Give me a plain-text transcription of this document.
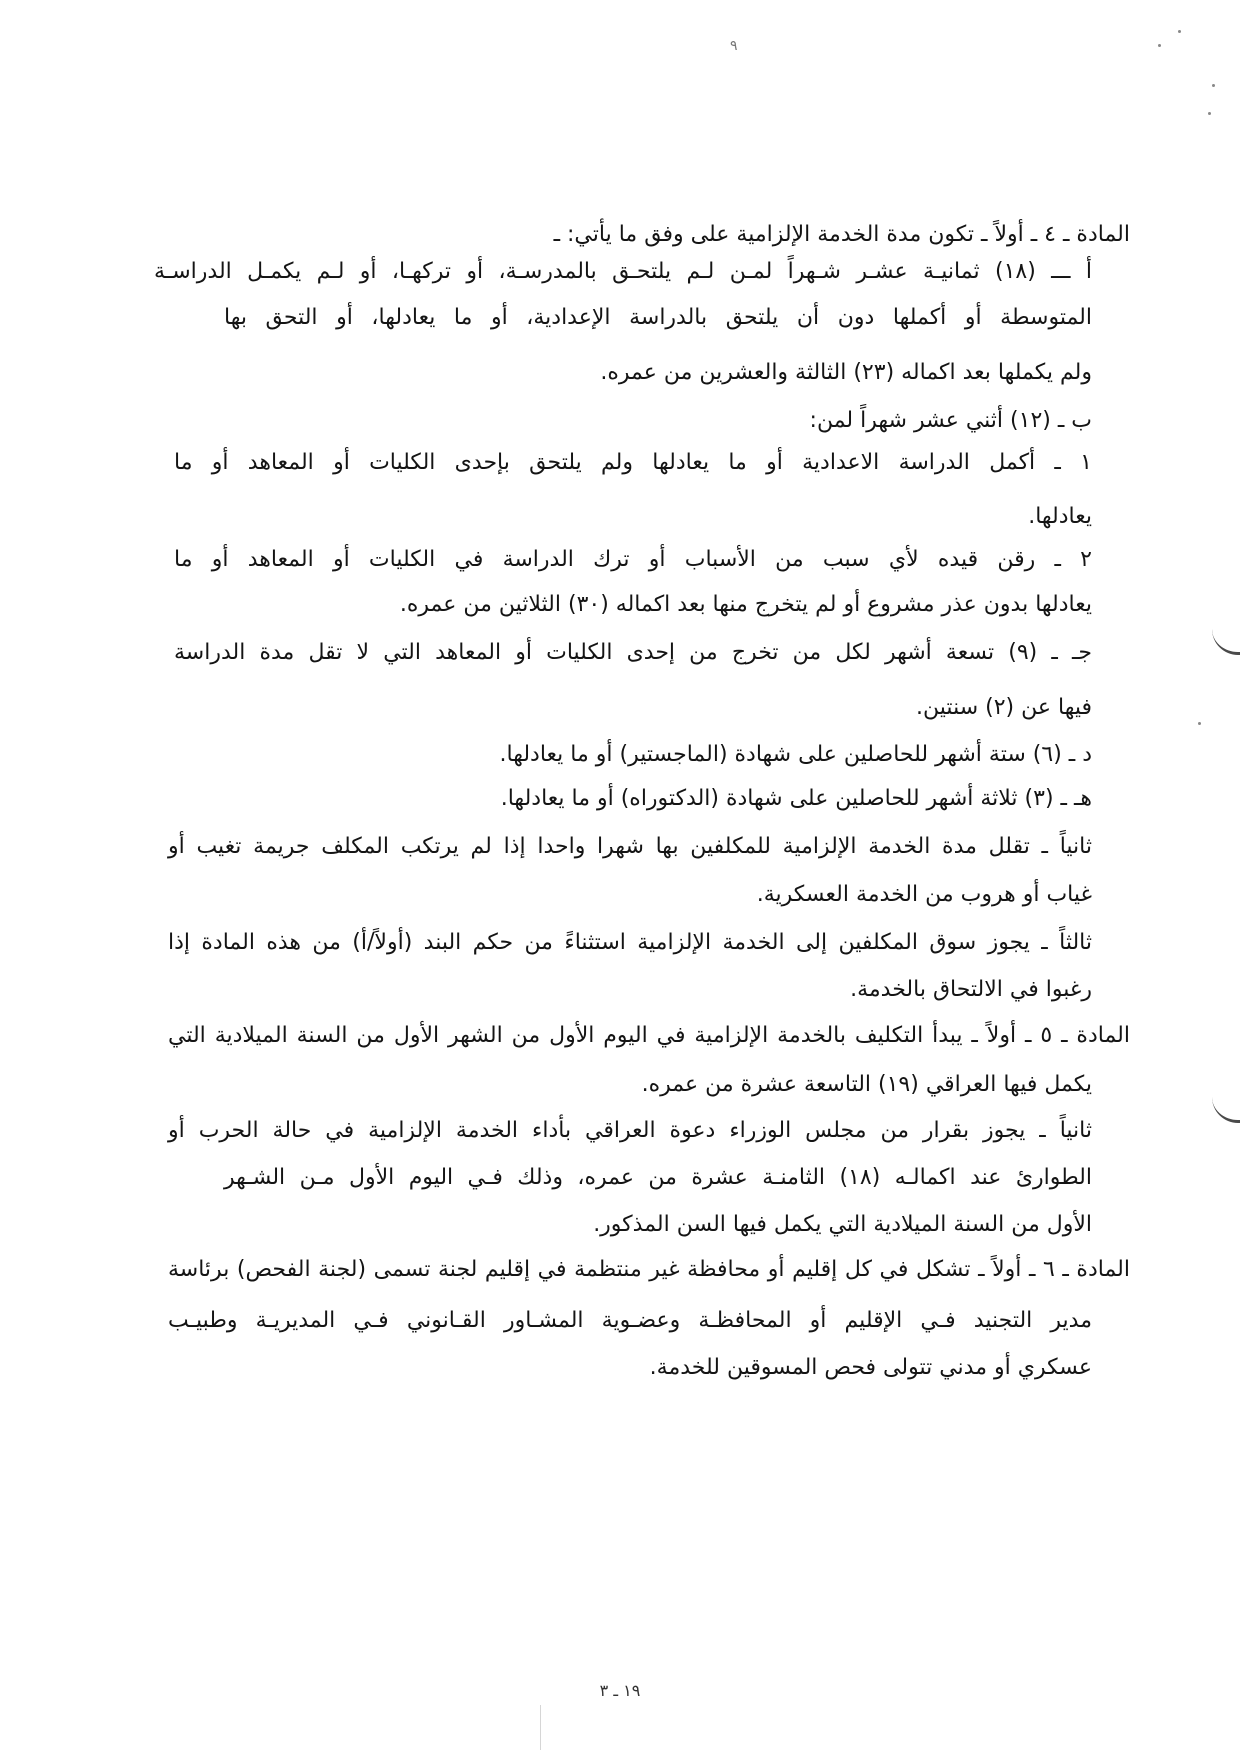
٩
المادة ـ ٤ ـ أولاً ـ تكون مدة الخدمة الإلزامية على وفق ما يأتي: ـ
أ ـــ (١٨) ثمانيـة عشـر شـهراً لمـن لـم يلتحـق بالمدرسـة، أو تركهـا، أو لـم يكمـل الدراسـة
المتوسطة أو أكملها دون أن يلتحق بالدراسة الإعدادية، أو ما يعادلها، أو التحق بها
ولم يكملها بعد اكماله (٢٣) الثالثة والعشرين من عمره.
ب ـ (١٢) أثني عشر شهراً لمن:
١ ـ أكمل الدراسة الاعدادية أو ما يعادلها ولم يلتحق بإحدى الكليات أو المعاهد أو ما
يعادلها.
٢ ـ رقن قيده لأي سبب من الأسباب أو ترك الدراسة في الكليات أو المعاهد أو ما
يعادلها بدون عذر مشروع أو لم يتخرج منها بعد اكماله (٣٠) الثلاثين من عمره.
جـ ـ (٩) تسعة أشهر لكل من تخرج من إحدى الكليات أو المعاهد التي لا تقل مدة الدراسة
فيها عن (٢) سنتين.
د ـ (٦) ستة أشهر للحاصلين على شهادة (الماجستير) أو ما يعادلها.
هـ ـ (٣) ثلاثة أشهر للحاصلين على شهادة (الدكتوراه) أو ما يعادلها.
ثانياً ـ تقلل مدة الخدمة الإلزامية للمكلفين بها شهرا واحدا إذا لم يرتكب المكلف جريمة تغيب أو
غياب أو هروب من الخدمة العسكرية.
ثالثاً ـ يجوز سوق المكلفين إلى الخدمة الإلزامية استثناءً من حكم البند (أولاً/أ) من هذه المادة إذا
رغبوا في الالتحاق بالخدمة.
المادة ـ ٥ ـ أولاً ـ يبدأ التكليف بالخدمة الإلزامية في اليوم الأول من الشهر الأول من السنة الميلادية التي
يكمل فيها العراقي (١٩) التاسعة عشرة من عمره.
ثانياً ـ يجوز بقرار من مجلس الوزراء دعوة العراقي بأداء الخدمة الإلزامية في حالة الحرب أو
الطوارئ عند اكمالـه (١٨) الثامنـة عشرة من عمره، وذلك فـي اليوم الأول مـن الشـهر
الأول من السنة الميلادية التي يكمل فيها السن المذكور.
المادة ـ ٦ ـ أولاً ـ تشكل في كل إقليم أو محافظة غير منتظمة في إقليم لجنة تسمى (لجنة الفحص) برئاسة
مدير التجنيد فـي الإقليم أو المحافظـة وعضـوية المشـاور القـانوني فـي المديريـة وطبيـب
عسكري أو مدني تتولى فحص المسوقين للخدمة.
١٩ ـ ٣
